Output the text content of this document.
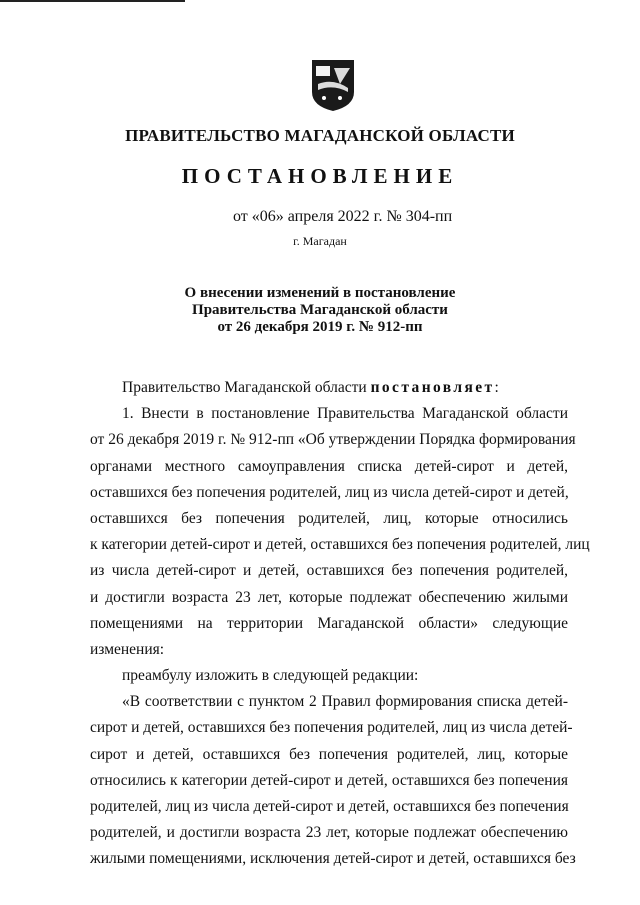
ПРАВИТЕЛЬСТВО МАГАДАНСКОЙ ОБЛАСТИ
ПОСТАНОВЛЕНИЕ
от «06» апреля 2022 г. № 304-пп
г. Магадан
О внесении изменений в постановление
Правительства Магаданской области
от 26 декабря 2019 г. № 912-пп
Правительство Магаданской области постановляет:
1. Внести в постановление Правительства Магаданской области
от 26 декабря 2019 г. № 912-пп «Об утверждении Порядка формирования
органами местного самоуправления списка детей-сирот и детей,
оставшихся без попечения родителей, лиц из числа детей-сирот и детей,
оставшихся без попечения родителей, лиц, которые относились
к категории детей-сирот и детей, оставшихся без попечения родителей, лиц
из числа детей-сирот и детей, оставшихся без попечения родителей,
и достигли возраста 23 лет, которые подлежат обеспечению жилыми
помещениями на территории Магаданской области» следующие
изменения:
преамбулу изложить в следующей редакции:
«В соответствии с пунктом 2 Правил формирования списка детей-
сирот и детей, оставшихся без попечения родителей, лиц из числа детей-
сирот и детей, оставшихся без попечения родителей, лиц, которые
относились к категории детей-сирот и детей, оставшихся без попечения
родителей, лиц из числа детей-сирот и детей, оставшихся без попечения
родителей, и достигли возраста 23 лет, которые подлежат обеспечению
жилыми помещениями, исключения детей-сирот и детей, оставшихся без
